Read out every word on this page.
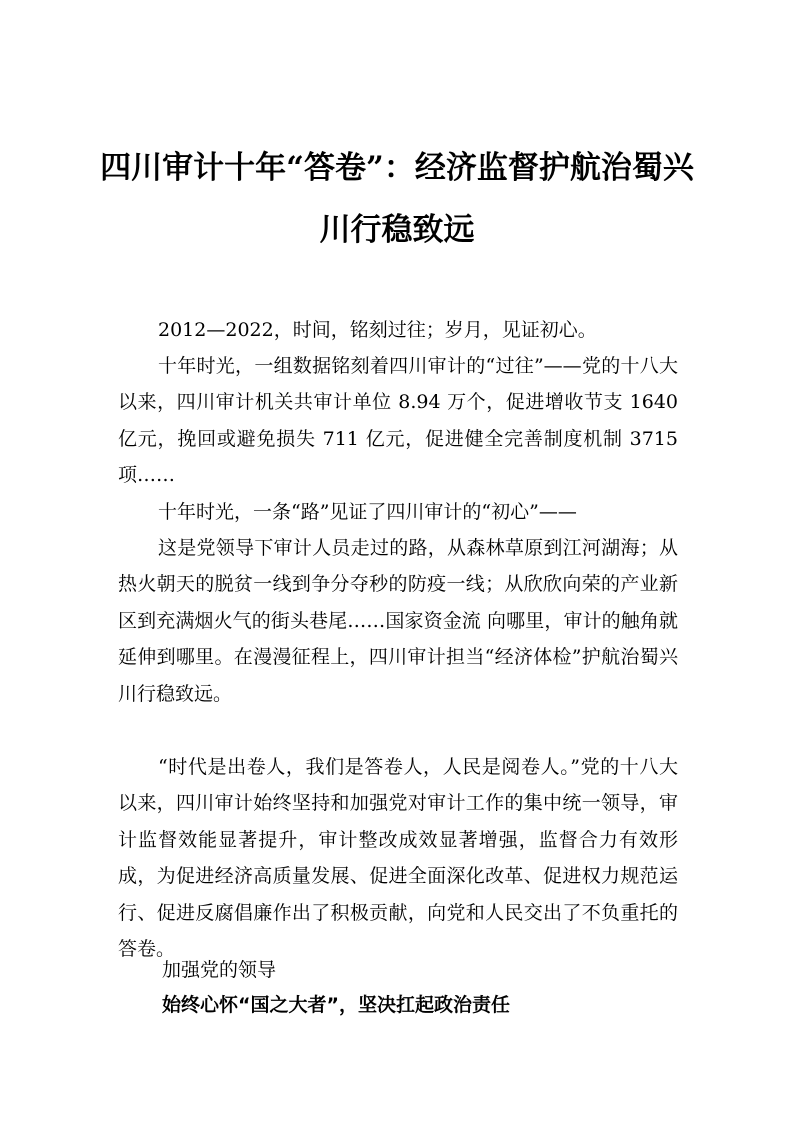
四川审计十年“答卷”：经济监督护航治蜀兴
川行稳致远

2012—2022，时间，铭刻过往；岁月，见证初心。

十年时光，一组数据铭刻着四川审计的“过往”——党的十八大以来，四川审计机关共审计单位 8.94 万个，促进增收节支 1640 亿元，挽回或避免损失 711 亿元，促进健全完善制度机制 3715 项……

十年时光，一条“路”见证了四川审计的“初心”——

这是党领导下审计人员走过的路，从森林草原到江河湖海；从热火朝天的脱贫一线到争分夺秒的防疫一线；从欣欣向荣的产业新区到充满烟火气的街头巷尾……国家资金流 向哪里，审计的触角就延伸到哪里。在漫漫征程上，四川审计担当“经济体检”护航治蜀兴川行稳致远。

“时代是出卷人，我们是答卷人，人民是阅卷人。”党的十八大以来，四川审计始终坚持和加强党对审计工作的集中统一领导，审计监督效能显著提升，审计整改成效显著增强，监督合力有效形成，为促进经济高质量发展、促进全面深化改革、促进权力规范运行、促进反腐倡廉作出了积极贡献，向党和人民交出了不负重托的答卷。

加强党的领导
始终心怀“国之大者”，坚决扛起政治责任
